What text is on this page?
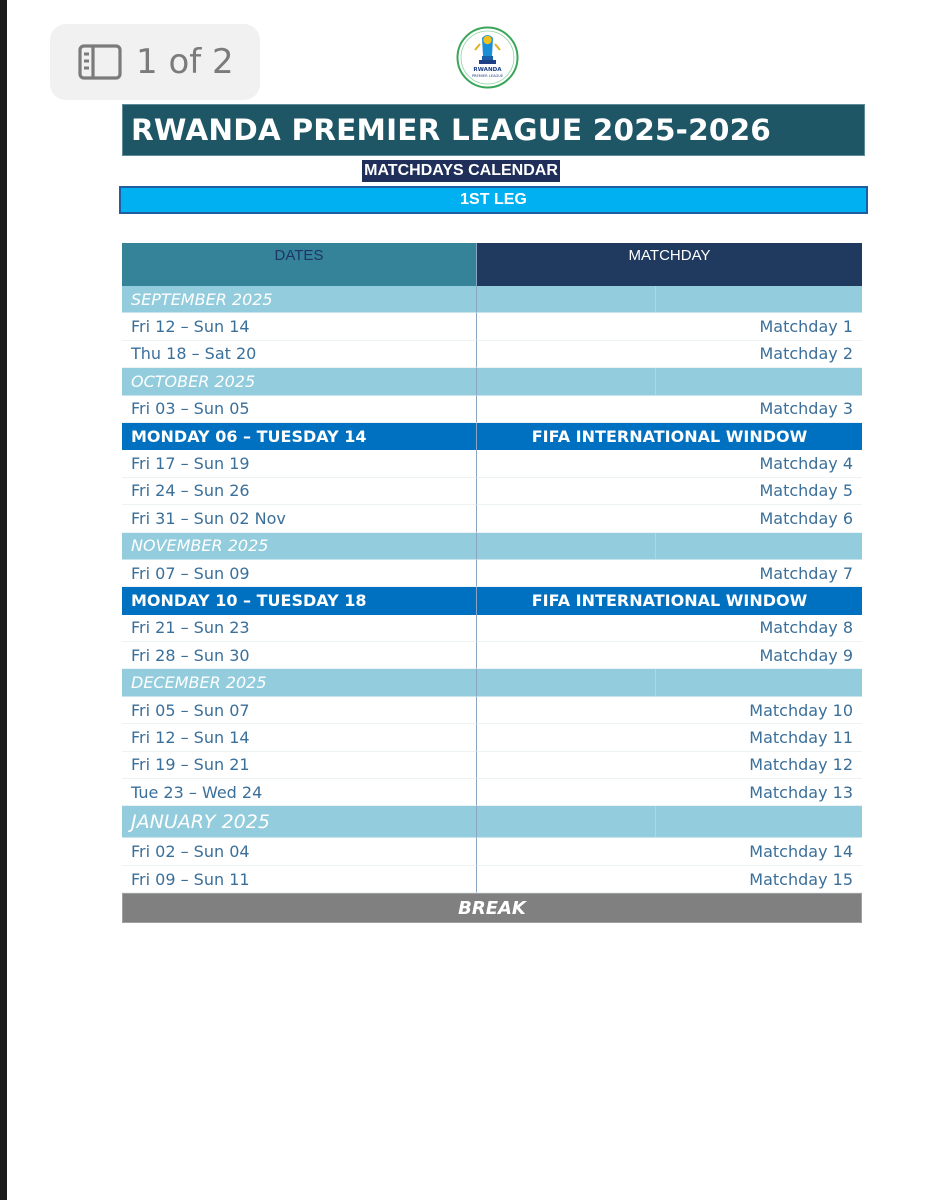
1 of 2	RWANDA
PREMIER LEAGUE
RWANDA PREMIER LEAGUE 2025-2026
MATCHDAYS CALENDAR
1ST LEG
DATES	MATCHDAY
SEPTEMBER 2025
Fri 12 – Sun 14	Matchday 1
Thu 18 – Sat 20	Matchday 2
OCTOBER 2025
Fri 03 – Sun 05	Matchday 3
MONDAY 06 – TUESDAY 14	FIFA INTERNATIONAL WINDOW
Fri 17 – Sun 19	Matchday 4
Fri 24 – Sun 26	Matchday 5
Fri 31 – Sun 02 Nov	Matchday 6
NOVEMBER 2025
Fri 07 – Sun 09	Matchday 7
MONDAY 10 – TUESDAY 18	FIFA INTERNATIONAL WINDOW
Fri 21 – Sun 23	Matchday 8
Fri 28 – Sun 30	Matchday 9
DECEMBER 2025
Fri 05 – Sun 07	Matchday 10
Fri 12 – Sun 14	Matchday 11
Fri 19 – Sun 21	Matchday 12
Tue 23 – Wed 24	Matchday 13
JANUARY 2025
Fri 02 – Sun 04	Matchday 14
Fri 09 – Sun 11	Matchday 15
BREAK
